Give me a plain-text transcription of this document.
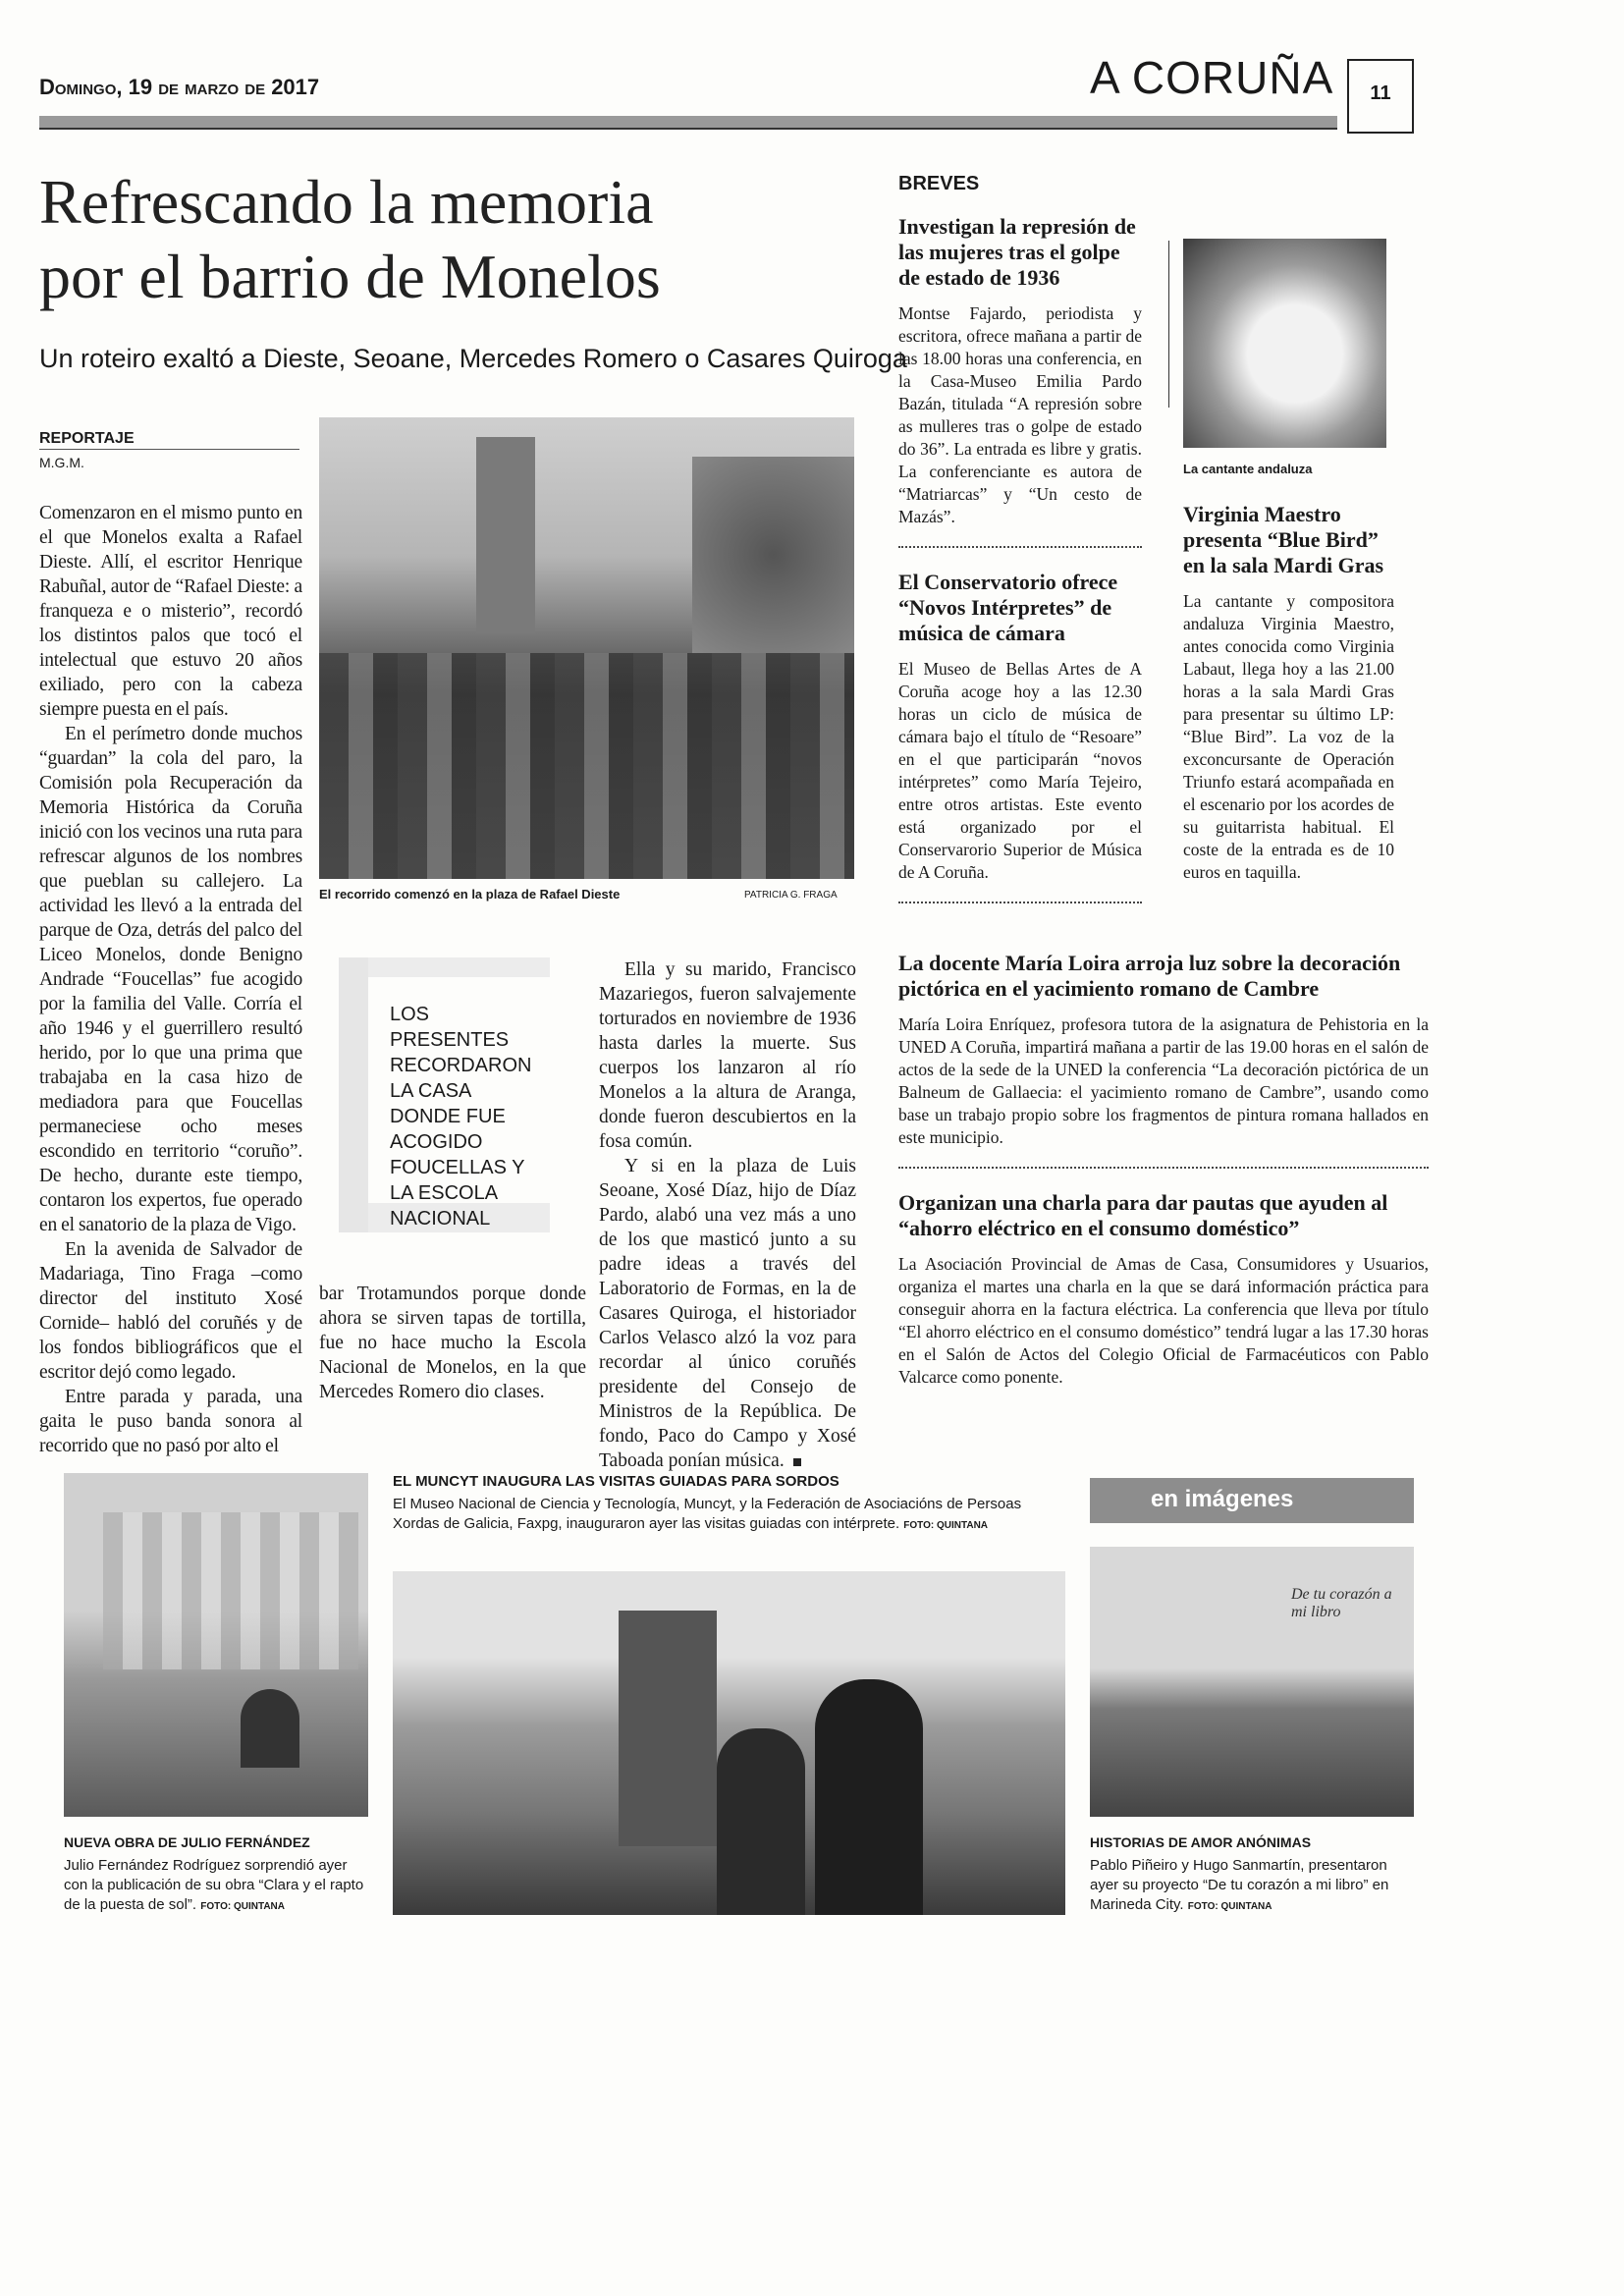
Domingo, 19 de marzo de 2017	A CORUÑA	11
Refrescando la memoria
por el barrio de Monelos
Un roteiro exaltó a Dieste, Seoane, Mercedes Romero o Casares Quiroga
REPORTAJE
M.G.M.

Comenzaron en el mismo punto en el que Monelos exalta a Rafael Dieste. Allí, el escritor Henrique Rabuñal, autor de “Rafael Dieste: a franqueza e o misterio”, recordó los distintos palos que tocó el intelectual que estuvo 20 años exiliado, pero con la cabeza siempre puesta en el país.

En el perímetro donde muchos “guardan” la cola del paro, la Comisión pola Recuperación da Memoria Histórica da Coruña inició con los vecinos una ruta para refrescar algunos de los nombres que pueblan su callejero. La actividad les llevó a la entrada del parque de Oza, detrás del palco del Liceo Monelos, donde Benigno Andrade “Foucellas” fue acogido por la familia del Valle. Corría el año 1946 y el guerrillero resultó herido, por lo que una prima que trabajaba en la casa hizo de mediadora para que Foucellas permaneciese ocho meses escondido en territorio “coruño”. De hecho, durante este tiempo, contaron los expertos, fue operado en el sanatorio de la plaza de Vigo.

En la avenida de Salvador de Madariaga, Tino Fraga –como director del instituto Xosé Cornide– habló del coruñés y de los fondos bibliográficos que el escritor dejó como legado.

Entre parada y parada, una gaita le puso banda sonora al recorrido que no pasó por alto el

El recorrido comenzó en la plaza de Rafael Dieste	PATRICIA G. FRAGA
LOS PRESENTES RECORDARON LA CASA DONDE FUE ACOGIDO FOUCELLAS Y LA ESCOLA NACIONAL

bar Trotamundos porque donde ahora se sirven tapas de tortilla, fue no hace mucho la Escola Nacional de Monelos, en la que Mercedes Romero dio clases.

Ella y su marido, Francisco Mazariegos, fueron salvajemente torturados en noviembre de 1936 hasta darles la muerte. Sus cuerpos los lanzaron al río Monelos a la altura de Aranga, donde fueron descubiertos en la fosa común.

Y si en la plaza de Luis Seoane, Xosé Díaz, hijo de Díaz Pardo, alabó una vez más a uno de los que masticó junto a su padre ideas a través del Laboratorio de Formas, en la de Casares Quiroga, el historiador Carlos Velasco alzó la voz para recordar al único coruñés presidente del Consejo de Ministros de la República. De fondo, Paco do Campo y Xosé Taboada ponían música.

BREVES
Investigan la represión de las mujeres tras el golpe de estado de 1936
Montse Fajardo, periodista y escritora, ofrece mañana a partir de las 18.00 horas una conferencia, en la Casa-Museo Emilia Pardo Bazán, titulada “A represión sobre as mulleres tras o golpe de estado do 36”. La entrada es libre y gratis. La conferenciante es autora de “Matriarcas” y “Un cesto de Mazás”.
El Conservatorio ofrece “Novos Intérpretes” de música de cámara
El Museo de Bellas Artes de A Coruña acoge hoy a las 12.30 horas un ciclo de música de cámara bajo el título de “Resoare” en el que participarán “novos intérpretes” como María Tejeiro, entre otros artistas. Este evento está organizado por el Conservarorio Superior de Música de A Coruña.
La cantante andaluza
Virginia Maestro presenta “Blue Bird” en la sala Mardi Gras
La cantante y compositora andaluza Virginia Maestro, antes conocida como Virginia Labaut, llega hoy a las 21.00 horas a la sala Mardi Gras para presentar su último LP: “Blue Bird”. La voz de la exconcursante de Operación Triunfo estará acompañada en el escenario por los acordes de su guitarrista habitual. El coste de la entrada es de 10 euros en taquilla.
La docente María Loira arroja luz sobre la decoración pictórica en el yacimiento romano de Cambre
María Loira Enríquez, profesora tutora de la asignatura de Pehistoria en la UNED A Coruña, impartirá mañana a partir de las 19.00 horas en el salón de actos de la sede de la UNED la conferencia “La decoración pictórica de un Balneum de Gallaecia: el yacimiento romano de Cambre”, usando como base un trabajo propio sobre los fragmentos de pintura romana hallados en este municipio.
Organizan una charla para dar pautas que ayuden al “ahorro eléctrico en el consumo doméstico”
La Asociación Provincial de Amas de Casa, Consumidores y Usuarios, organiza el martes una charla en la que se dará información práctica para conseguir ahorra en la factura eléctrica. La conferencia que lleva por título “El ahorro eléctrico en el consumo doméstico” tendrá lugar a las 17.30 horas en el Salón de Actos del Colegio Oficial de Farmacéuticos con Pablo Valcarce como ponente.
NUEVA OBRA DE JULIO FERNÁNDEZ
Julio Fernández Rodríguez sorprendió ayer con la publicación de su obra “Clara y el rapto de la puesta de sol”. FOTO: QUINTANA
EL MUNCYT INAUGURA LAS VISITAS GUIADAS PARA SORDOS
El Museo Nacional de Ciencia y Tecnología, Muncyt, y la Federación de Asociacións de Persoas Xordas de Galicia, Faxpg, inauguraron ayer las visitas guiadas con intérprete. FOTO: QUINTANA
en imágenes
De tu corazón a mi libro
HISTORIAS DE AMOR ANÓNIMAS
Pablo Piñeiro y Hugo Sanmartín, presentaron ayer su proyecto “De tu corazón a mi libro” en Marineda City. FOTO: QUINTANA
